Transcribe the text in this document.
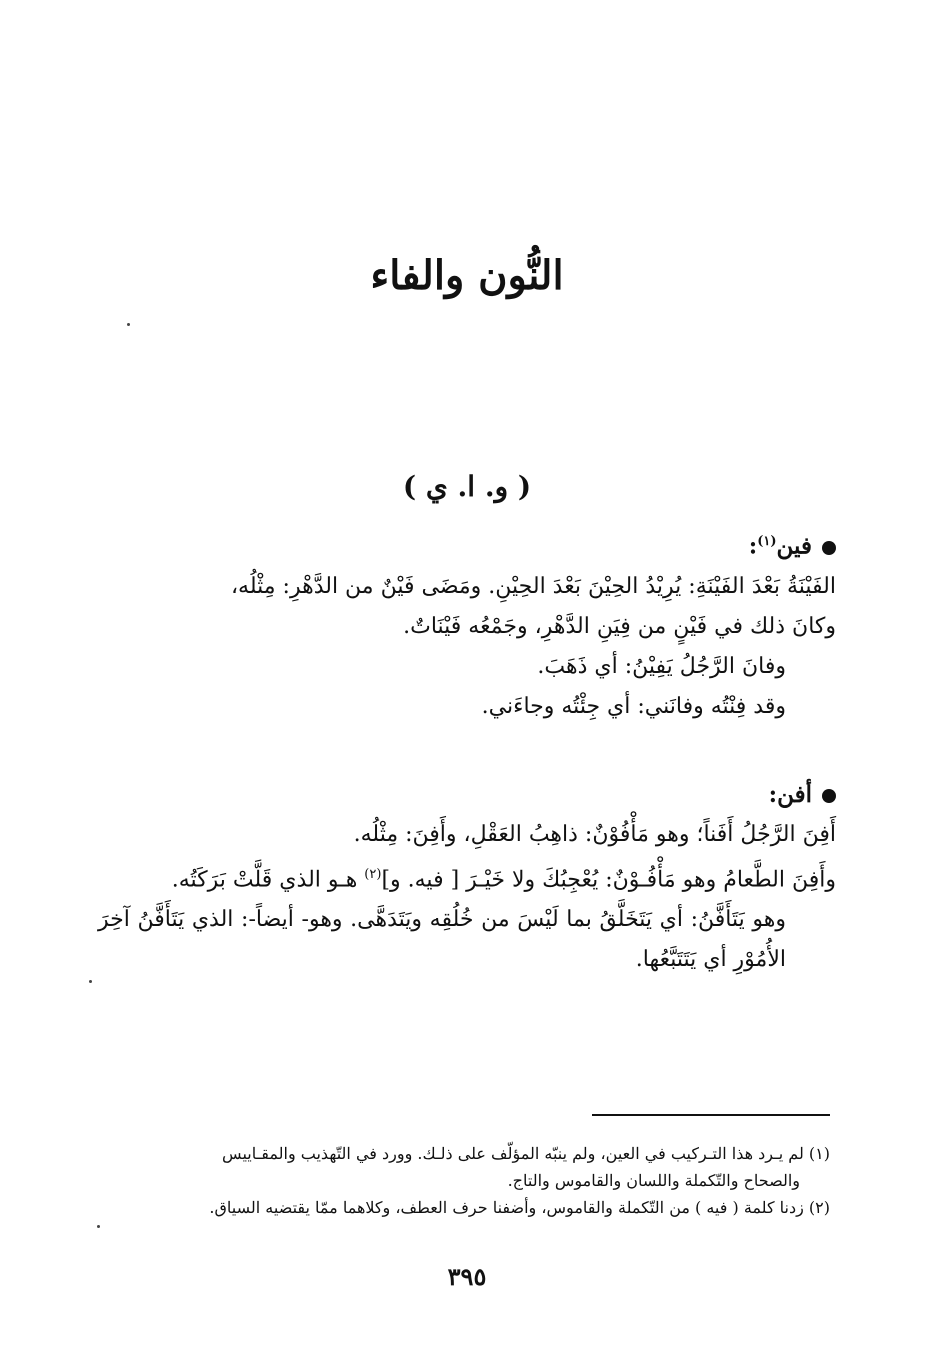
النُّون والفاء
( و. ا. ي )

فين$^{(١)}$:

الفَيْنَةُ بَعْدَ الفَيْنَةِ: يُرِيْدُ الحِيْنَ بَعْدَ الحِيْنِ. ومَضَى فَيْنٌ من الدَّهْرِ: مِثْلُه،

وكانَ ذلك في فَيْنٍ من فِيَنِ الدَّهْرِ، وجَمْعُه فَيْنَاتٌ.

وفانَ الرَّجُلُ يَفِيْنُ: أي ذَهَبَ.

وقد فِنْتُه وفانَني: أي جِئْتُه وجاءَني.

أفن:

أَفِنَ الرَّجُلُ أَفَناً؛ وهو مَأْفُوْنٌ: ذاهِبُ العَقْلِ، وأَفِنَ: مِثْلُه.

وأَفِنَ الطَّعامُ وهو مَأْفُـوْنٌ: يُعْجِبُكَ ولا خَيْـرَ [ فيه. و]$^{(٢)}$ هـو الذي قَلَّتْ بَرَكَتُه.

وهو يَتَأَفَّنُ: أي يَتَخَلَّقُ بما لَيْسَ من خُلُقِه ويَتَدَهَّى. وهو- أيضاً-: الذي يَتَأَفَّنُ آخِرَ الأُمُوْرِ أي يَتَتَبَّعُها.

(١) لم يـرد هذا التـركيب في العين، ولم ينبّه المؤلّف على ذلـك. وورد في التّهذيب والمقـاييس

والصحاح والتّكملة واللسان والقاموس والتاج.

(٢) زدنا كلمة ( فيه ) من التّكملة والقاموس، وأضفنا حرف العطف، وكلاهما ممّا يقتضيه السياق.

٣٩٥
